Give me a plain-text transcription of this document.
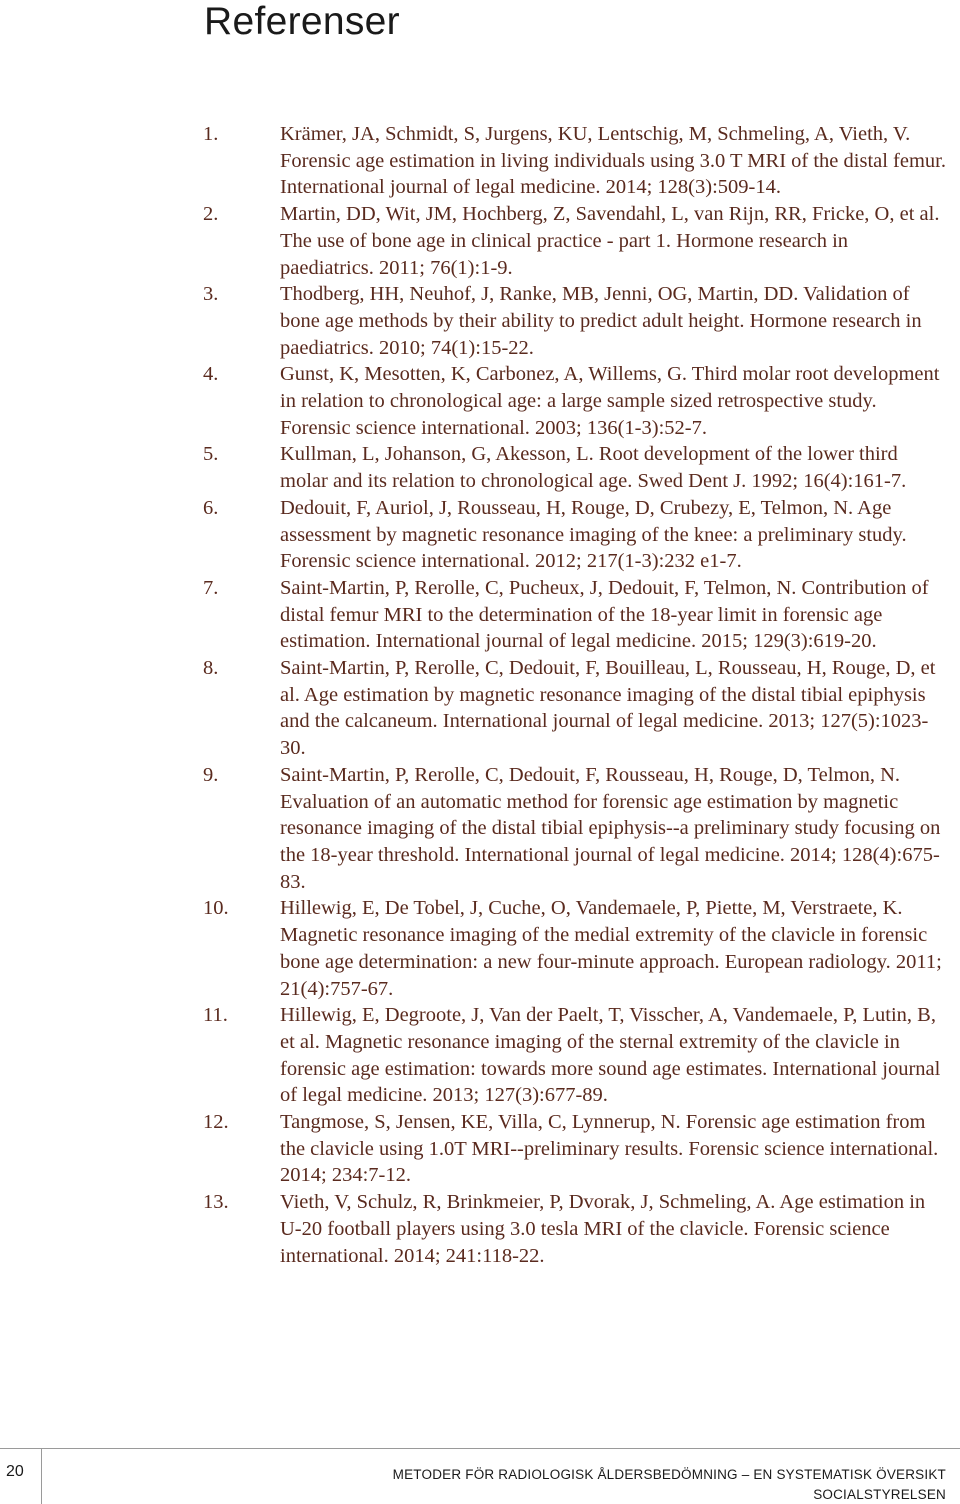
Referenser
1.	Krämer, JA, Schmidt, S, Jurgens, KU, Lentschig, M, Schmeling, A, Vieth, V. Forensic age estimation in living individuals using 3.0 T MRI of the distal femur. International journal of legal medicine. 2014; 128(3):509-14.
2.	Martin, DD, Wit, JM, Hochberg, Z, Savendahl, L, van Rijn, RR, Fricke, O, et al. The use of bone age in clinical practice - part 1. Hormone research in paediatrics. 2011; 76(1):1-9.
3.	Thodberg, HH, Neuhof, J, Ranke, MB, Jenni, OG, Martin, DD. Validation of bone age methods by their ability to predict adult height. Hormone research in paediatrics. 2010; 74(1):15-22.
4.	Gunst, K, Mesotten, K, Carbonez, A, Willems, G. Third molar root development in relation to chronological age: a large sample sized retrospective study. Forensic science international. 2003; 136(1-3):52-7.
5.	Kullman, L, Johanson, G, Akesson, L. Root development of the lower third molar and its relation to chronological age. Swed Dent J. 1992; 16(4):161-7.
6.	Dedouit, F, Auriol, J, Rousseau, H, Rouge, D, Crubezy, E, Telmon, N. Age assessment by magnetic resonance imaging of the knee: a preliminary study. Forensic science international. 2012; 217(1-3):232 e1-7.
7.	Saint-Martin, P, Rerolle, C, Pucheux, J, Dedouit, F, Telmon, N. Contribution of distal femur MRI to the determination of the 18-year limit in forensic age estimation. International journal of legal medicine. 2015; 129(3):619-20.
8.	Saint-Martin, P, Rerolle, C, Dedouit, F, Bouilleau, L, Rousseau, H, Rouge, D, et al. Age estimation by magnetic resonance imaging of the distal tibial epiphysis and the calcaneum. International journal of legal medicine. 2013; 127(5):1023-30.
9.	Saint-Martin, P, Rerolle, C, Dedouit, F, Rousseau, H, Rouge, D, Telmon, N. Evaluation of an automatic method for forensic age estimation by magnetic resonance imaging of the distal tibial epiphysis--a preliminary study focusing on the 18-year threshold. International journal of legal medicine. 2014; 128(4):675-83.
10.	Hillewig, E, De Tobel, J, Cuche, O, Vandemaele, P, Piette, M, Verstraete, K. Magnetic resonance imaging of the medial extremity of the clavicle in forensic bone age determination: a new four-minute approach. European radiology. 2011; 21(4):757-67.
11.	Hillewig, E, Degroote, J, Van der Paelt, T, Visscher, A, Vandemaele, P, Lutin, B, et al. Magnetic resonance imaging of the sternal extremity of the clavicle in forensic age estimation: towards more sound age estimates. International journal of legal medicine. 2013; 127(3):677-89.
12.	Tangmose, S, Jensen, KE, Villa, C, Lynnerup, N. Forensic age estimation from the clavicle using 1.0T MRI--preliminary results. Forensic science international. 2014; 234:7-12.
13.	Vieth, V, Schulz, R, Brinkmeier, P, Dvorak, J, Schmeling, A. Age estimation in U-20 football players using 3.0 tesla MRI of the clavicle. Forensic science international. 2014; 241:118-22.
20	METODER FÖR RADIOLOGISK ÅLDERSBEDÖMNING – EN SYSTEMATISK ÖVERSIKT
SOCIALSTYRELSEN
